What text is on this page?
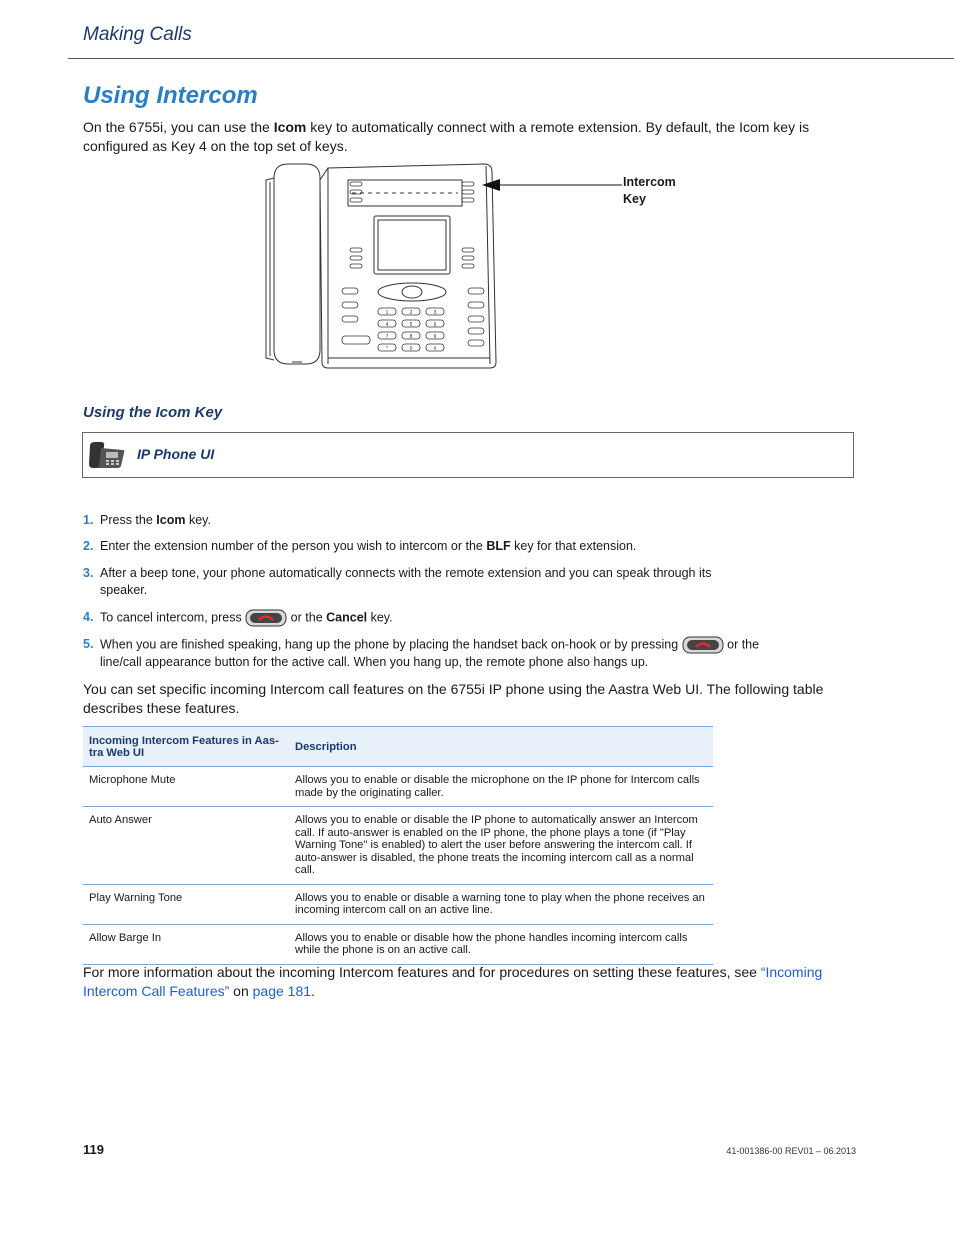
Making Calls
Using Intercom
On the 6755i, you can use the Icom key to automatically connect with a remote extension. By default, the Icom key is configured as Key 4 on the top set of keys.
1	2	3
4	5	6
7	8	9
*	0	#
Intercom
Key
Using the Icom Key
IP Phone UI
1. Press the Icom key.
2. Enter the extension number of the person you wish to intercom or the BLF key for that extension.
3. After a beep tone, your phone automatically connects with the remote extension and you can speak through its speaker.
4. To cancel intercom, press	or the Cancel key.
5. When you are finished speaking, hang up the phone by placing the handset back on-hook or by pressing	or the line/call appearance button for the active call. When you hang up, the remote phone also hangs up.
You can set specific incoming Intercom call features on the 6755i IP phone using the Aastra Web UI. The following table describes these features.
Incoming Intercom Features in Aas-tra Web UI	Description
Microphone Mute	Allows you to enable or disable the microphone on the IP phone for Intercom calls made by the originating caller.
Auto Answer	Allows you to enable or disable the IP phone to automatically answer an Intercom call. If auto-answer is enabled on the IP phone, the phone plays a tone (if "Play Warning Tone" is enabled) to alert the user before answering the intercom call. If auto-answer is disabled, the phone treats the incoming intercom call as a normal call.
Play Warning Tone	Allows you to enable or disable a warning tone to play when the phone receives an incoming intercom call on an active line.
Allow Barge In	Allows you to enable or disable how the phone handles incoming intercom calls while the phone is on an active call.
For more information about the incoming Intercom features and for procedures on setting these features, see “Incoming Intercom Call Features” on page 181.
119	41-001386-00 REV01 – 06.2013
